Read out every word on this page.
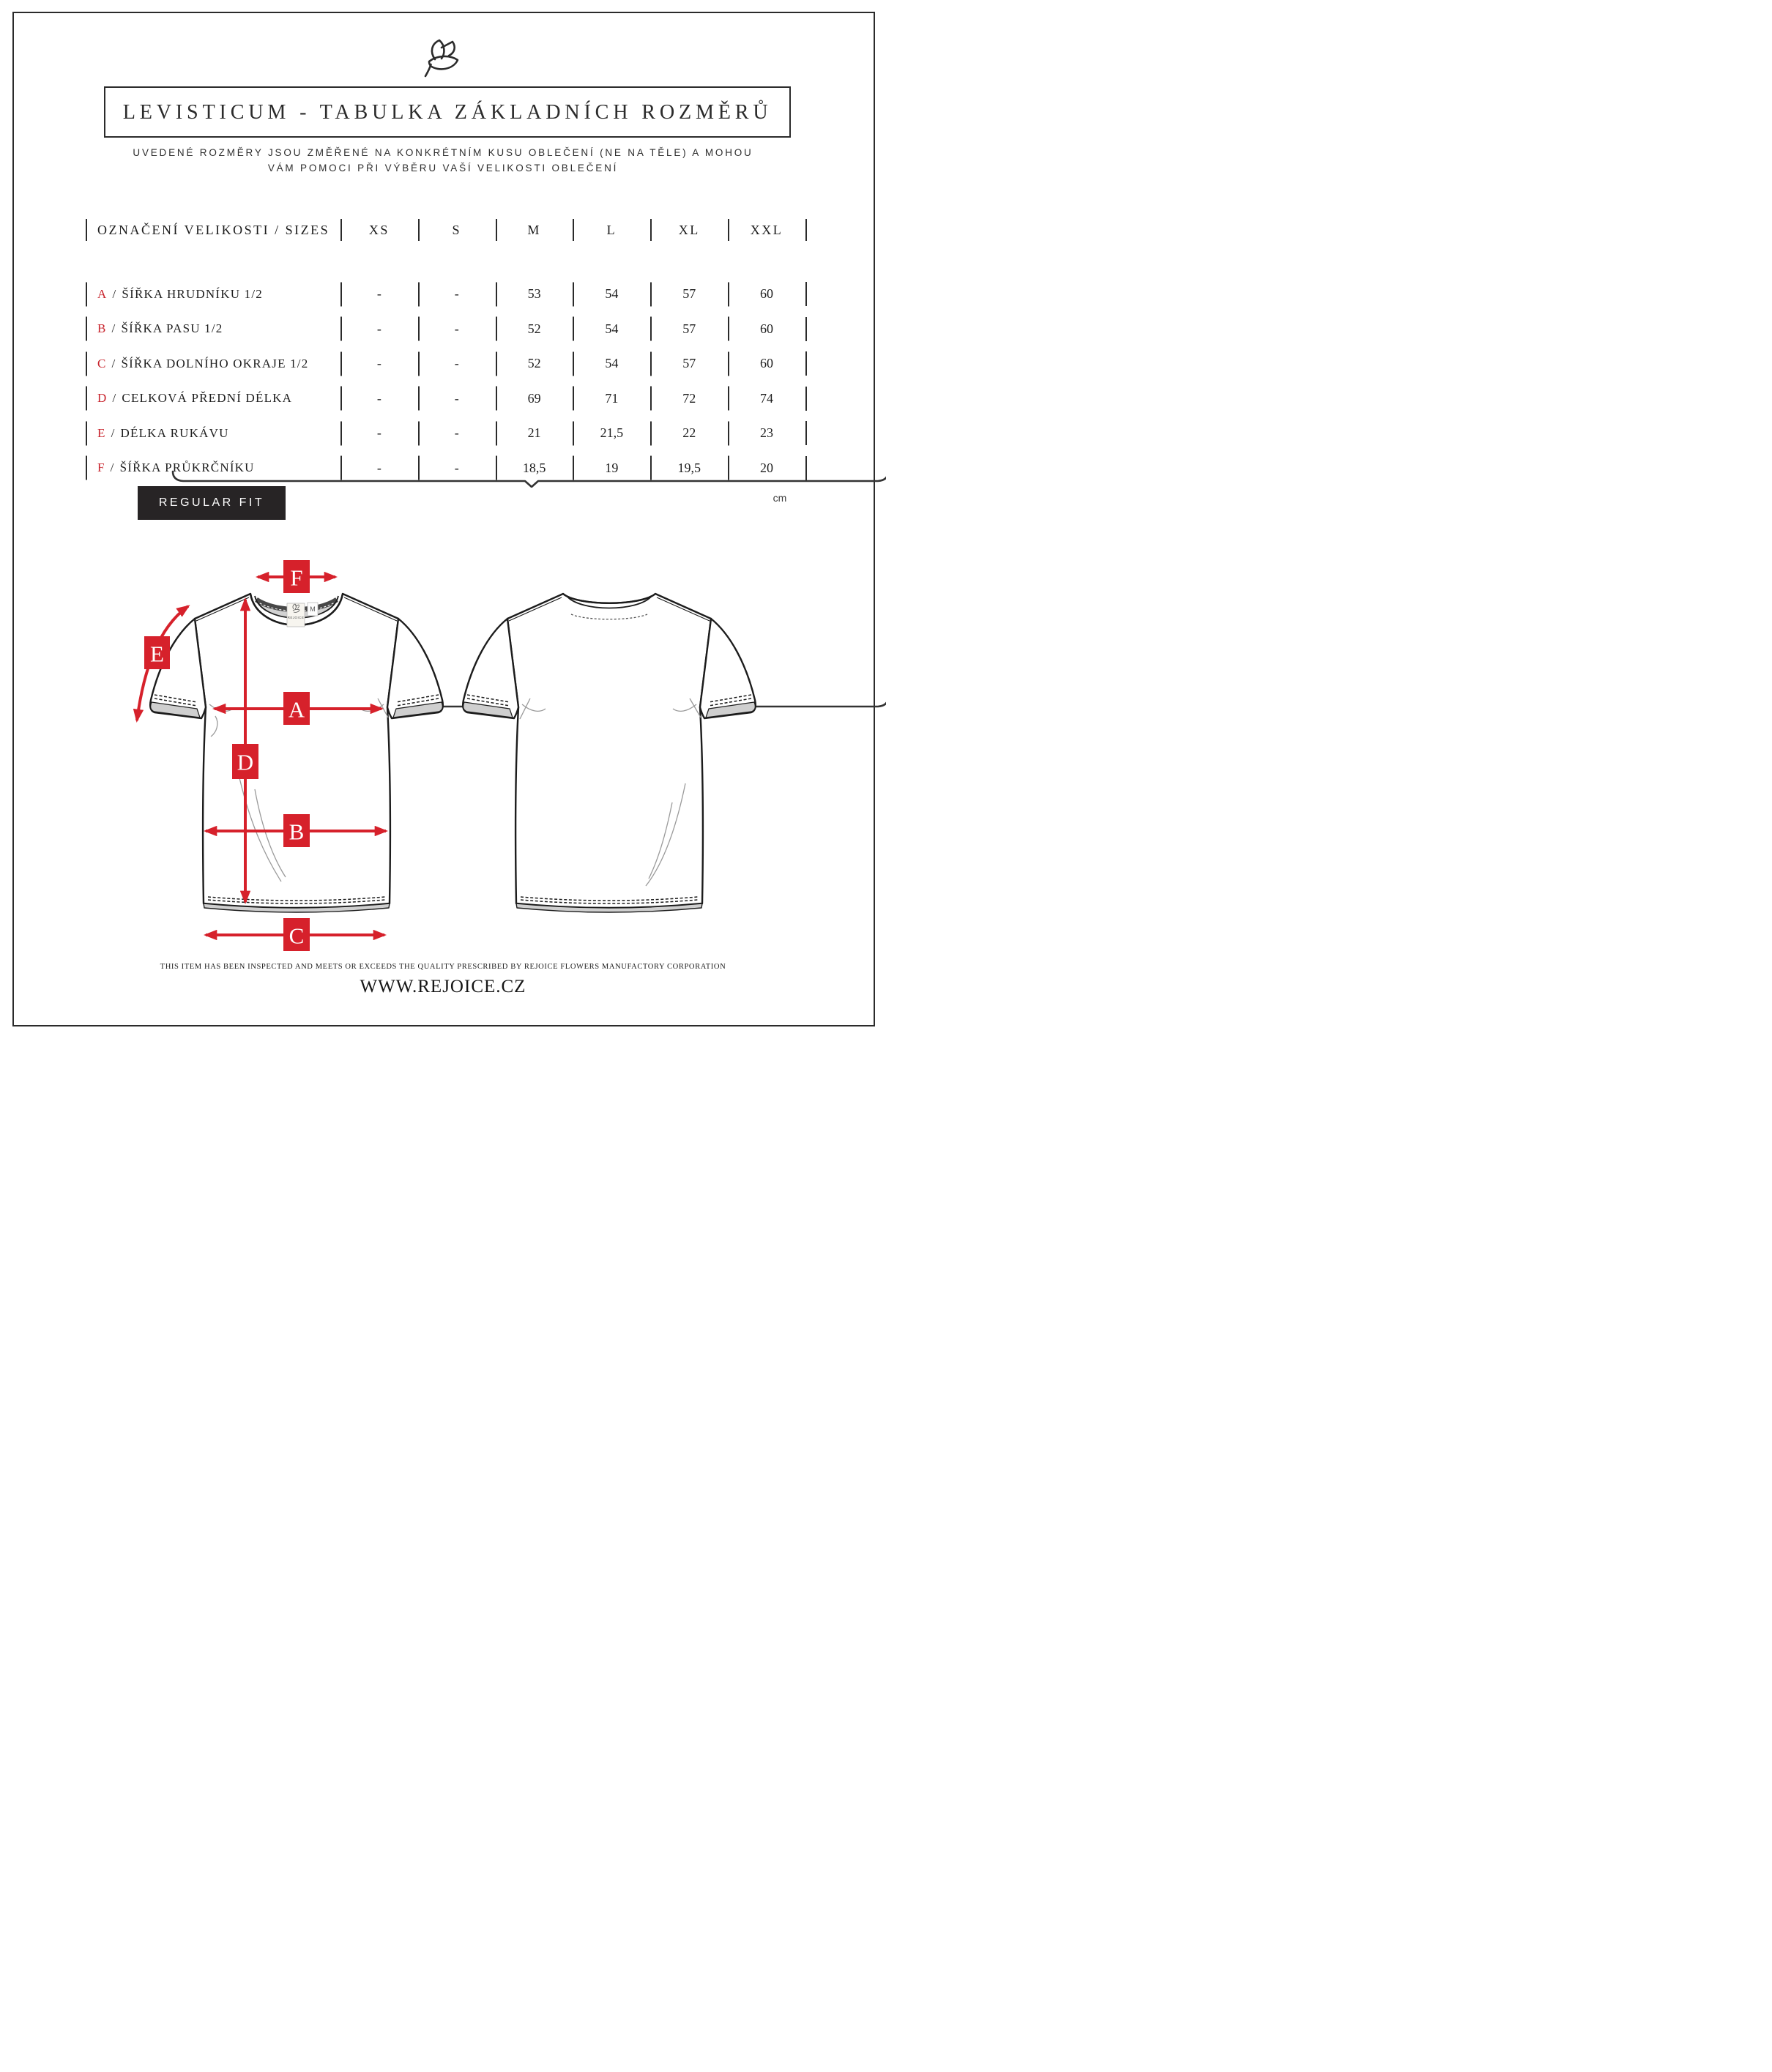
LEVISTICUM - TABULKA ZÁKLADNÍCH ROZMĚRŮ
UVEDENÉ ROZMĚRY JSOU ZMĚŘENÉ NA KONKRÉTNÍM KUSU OBLEČENÍ (NE NA TĚLE) A MOHOU
VÁM POMOCI PŘI VÝBĚRU VAŠÍ VELIKOSTI OBLEČENÍ
OZNAČENÍ VELIKOSTI / SIZES	XS	S	M	L	XL	XXL
A / ŠÍŘKA HRUDNÍKU 1/2	-	-	53	54	57	60
B / ŠÍŘKA PASU 1/2	-	-	52	54	57	60
C / ŠÍŘKA DOLNÍHO OKRAJE 1/2	-	-	52	54	57	60
D / CELKOVÁ PŘEDNÍ DÉLKA	-	-	69	71	72	74
E / DÉLKA RUKÁVU	-	-	21	21,5	22	23
F / ŠÍŘKA PRŮKRČNÍKU	-	-	18,5	19	19,5	20
REGULAR FIT	cm
REJOICE
M
F
E
A
D
B
C
THIS ITEM HAS BEEN INSPECTED AND MEETS OR EXCEEDS THE QUALITY PRESCRIBED BY REJOICE FLOWERS MANUFACTORY CORPORATION
WWW.REJOICE.CZ
